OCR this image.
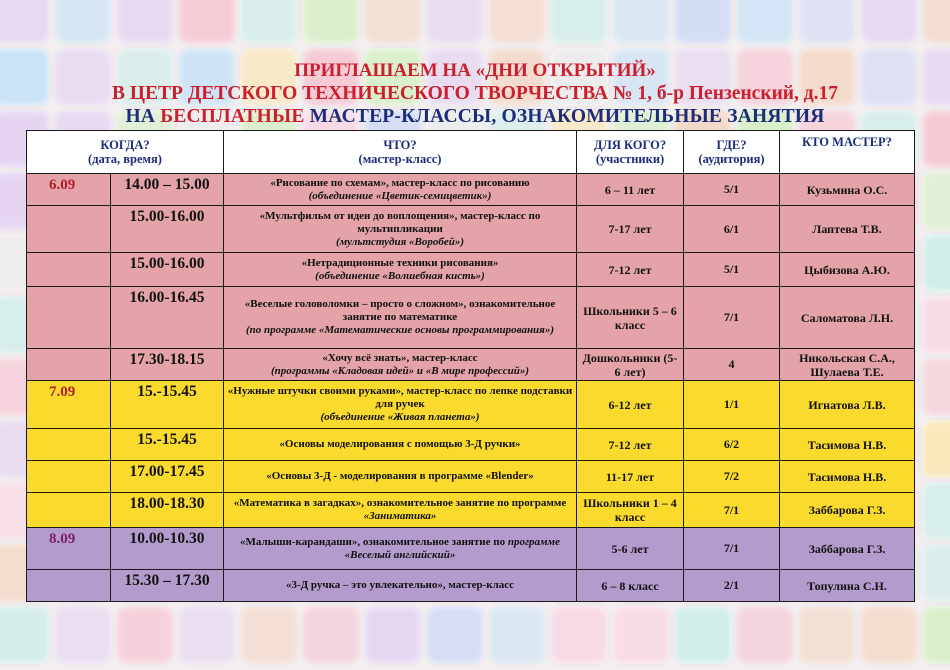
ПРИГЛАШАЕМ НА «ДНИ ОТКРЫТИЙ»
В ЦЕТР ДЕТСКОГО ТЕХНИЧЕСКОГО ТВОРЧЕСТВА № 1, б-р Пензенский, д.17
НА БЕСПЛАТНЫЕ МАСТЕР-КЛАССЫ, ОЗНАКОМИТЕЛЬНЫЕ ЗАНЯТИЯ
КОГДА?
(дата, время)		ЧТО?
(мастер-класс)	ДЛЯ КОГО?
(участники)	ГДЕ?
(аудитория)	КТО МАСТЕР?
6.09	14.00 – 15.00	«Рисование по схемам», мастер-класс по рисованию
(объединение «Цветик-семицветик»)	6 – 11 лет	5/1	Кузьмина О.С.
	15.00-16.00	«Мультфильм от идеи до воплощения», мастер-класс по мультипликации
(мультстудия «Воробей»)	7-17 лет	6/1	Лаптева Т.В.
	15.00-16.00	«Нетрадиционные техники рисования»
(объединение «Волшебная кисть»)	7-12 лет	5/1	Цыбизова А.Ю.
	16.00-16.45	«Веселые головоломки – просто о сложном», ознакомительное занятие по математике
(по программе «Математические основы программирования»)	Школьники 5 – 6 класс	7/1	Саломатова Л.Н.
	17.30-18.15	«Хочу всё знать», мастер-класс
(программы «Кладовая идей» и «В мире профессий»)	Дошкольники (5-6 лет)	4	Никольская С.А., Шулаева Т.Е.
7.09	15.-15.45	«Нужные штучки своими руками», мастер-класс по лепке подставки для ручек
(объединение «Живая планета»)	6-12 лет	1/1	Игнатова Л.В.
	15.-15.45	«Основы моделирования с помощью 3-Д ручки»	7-12 лет	6/2	Тасимова Н.В.
	17.00-17.45	«Основы 3-Д - моделирования в программе «Blender»	11-17 лет	7/2	Тасимова Н.В.
	18.00-18.30	«Математика в загадках», ознакомительное занятие по программе «Заниматика»	Школьники 1 – 4 класс	7/1	Заббарова Г.З.
8.09	10.00-10.30	«Малыши-карандаши», ознакомительное занятие по программе «Веселый английский»	5-6 лет	7/1	Заббарова Г.З.
	15.30 – 17.30	«3-Д ручка – это увлекательно», мастер-класс	6 – 8 класс	2/1	Топулина С.Н.
